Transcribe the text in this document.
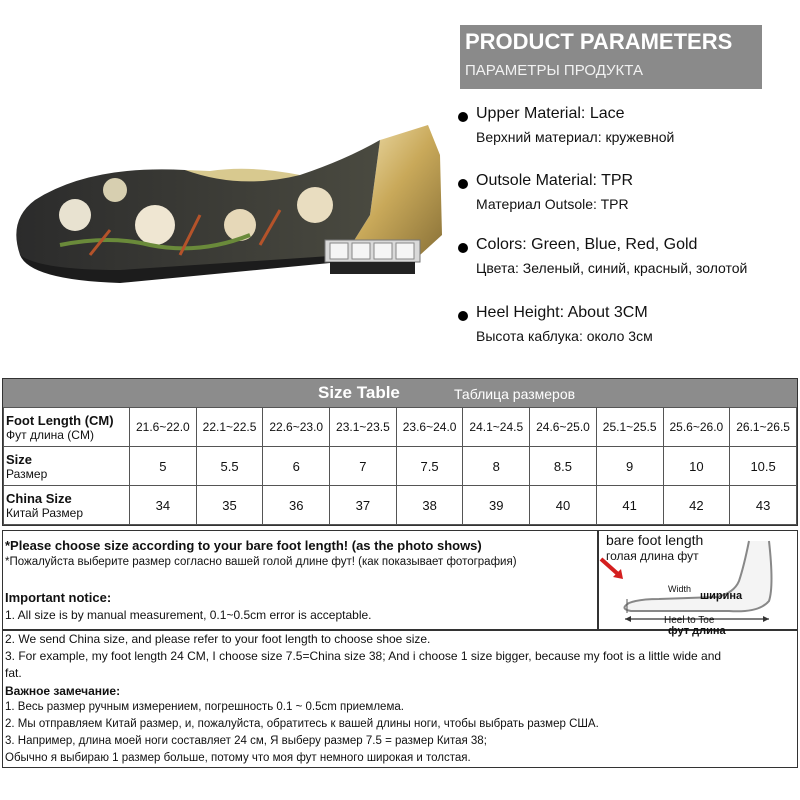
PRODUCT PARAMETERS
ПАРАМЕТРЫ ПРОДУКТА
Upper Material: Lace
Верхний материал: кружевной
Outsole Material: TPR
Материал Outsole: TPR
Colors: Green, Blue, Red, Gold
Цвета: Зеленый, синий, красный, золотой
Heel Height: About 3CM
Высота каблука: около 3см
Size Table	Таблица размеров
Foot Length (CM)
Фут длина (CM)	21.6~22.0	22.1~22.5	22.6~23.0	23.1~23.5	23.6~24.0	24.1~24.5	24.6~25.0	25.1~25.5	25.6~26.0	26.1~26.5

Size
Размер	5	5.5	6	7	7.5	8	8.5	9	10	10.5

China Size
Китай Размер	34	35	36	37	38	39	40	41	42	43
*Please choose size according to your bare foot length! (as the photo shows)
*Пожалуйста выберите размер согласно вашей голой длине фут! (как показывает фотография)
Important notice:
1. All size is by manual measurement, 0.1~0.5cm error is acceptable.
2. We send China size, and please refer to your foot length to choose shoe size.
3. For example, my foot length 24 CM, I choose size 7.5=China size 38; And i choose 1 size bigger, because my foot is a little wide and
fat.
Важное замечание:
1. Весь размер ручным измерением, погрешность 0.1 ~ 0.5cm приемлема.
2. Мы отправляем Китай размер, и, пожалуйста, обратитесь к вашей длины ноги, чтобы выбрать размер США.
3. Например, длина моей ноги составляет 24 см, Я выберу размер 7.5 = размер Китая 38;
Обычно я выбираю 1 размер больше, потому что моя фут немного широкая и толстая.
bare foot length
голая длина фут
Width
ширина
Heel to Toe
фут длина
